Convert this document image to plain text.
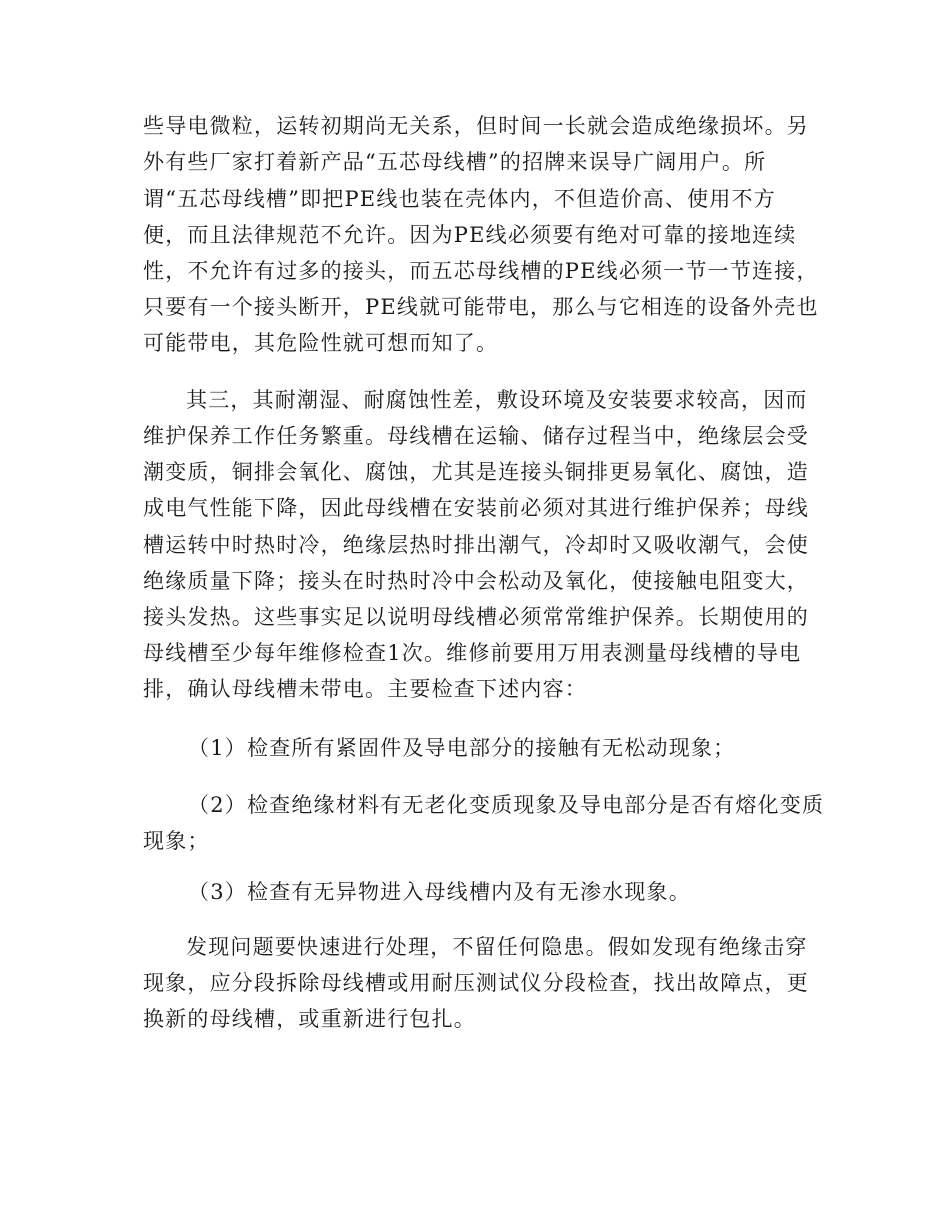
些导电微粒，运转初期尚无关系，但时间一长就会造成绝缘损坏。另
外有些厂家打着新产品“五芯母线槽”的招牌来误导广阔用户。所
谓“五芯母线槽”即把PE线也装在壳体内，不但造价高、使用不方
便，而且法律规范不允许。因为PE线必须要有绝对可靠的接地连续
性，不允许有过多的接头，而五芯母线槽的PE线必须一节一节连接，
只要有一个接头断开，PE线就可能带电，那么与它相连的设备外壳也
可能带电，其危险性就可想而知了。
其三，其耐潮湿、耐腐蚀性差，敷设环境及安装要求较高，因而
维护保养工作任务繁重。母线槽在运输、储存过程当中，绝缘层会受
潮变质，铜排会氧化、腐蚀，尤其是连接头铜排更易氧化、腐蚀，造
成电气性能下降，因此母线槽在安装前必须对其进行维护保养；母线
槽运转中时热时冷，绝缘层热时排出潮气，冷却时又吸收潮气，会使
绝缘质量下降；接头在时热时冷中会松动及氧化，使接触电阻变大，
接头发热。这些事实足以说明母线槽必须常常维护保养。长期使用的
母线槽至少每年维修检查1次。维修前要用万用表测量母线槽的导电
排，确认母线槽未带电。主要检查下述内容：
（1）检查所有紧固件及导电部分的接触有无松动现象；
（2）检查绝缘材料有无老化变质现象及导电部分是否有熔化变质
现象；
（3）检查有无异物进入母线槽内及有无渗水现象。
发现问题要快速进行处理，不留任何隐患。假如发现有绝缘击穿
现象，应分段拆除母线槽或用耐压测试仪分段检查，找出故障点，更
换新的母线槽，或重新进行包扎。
